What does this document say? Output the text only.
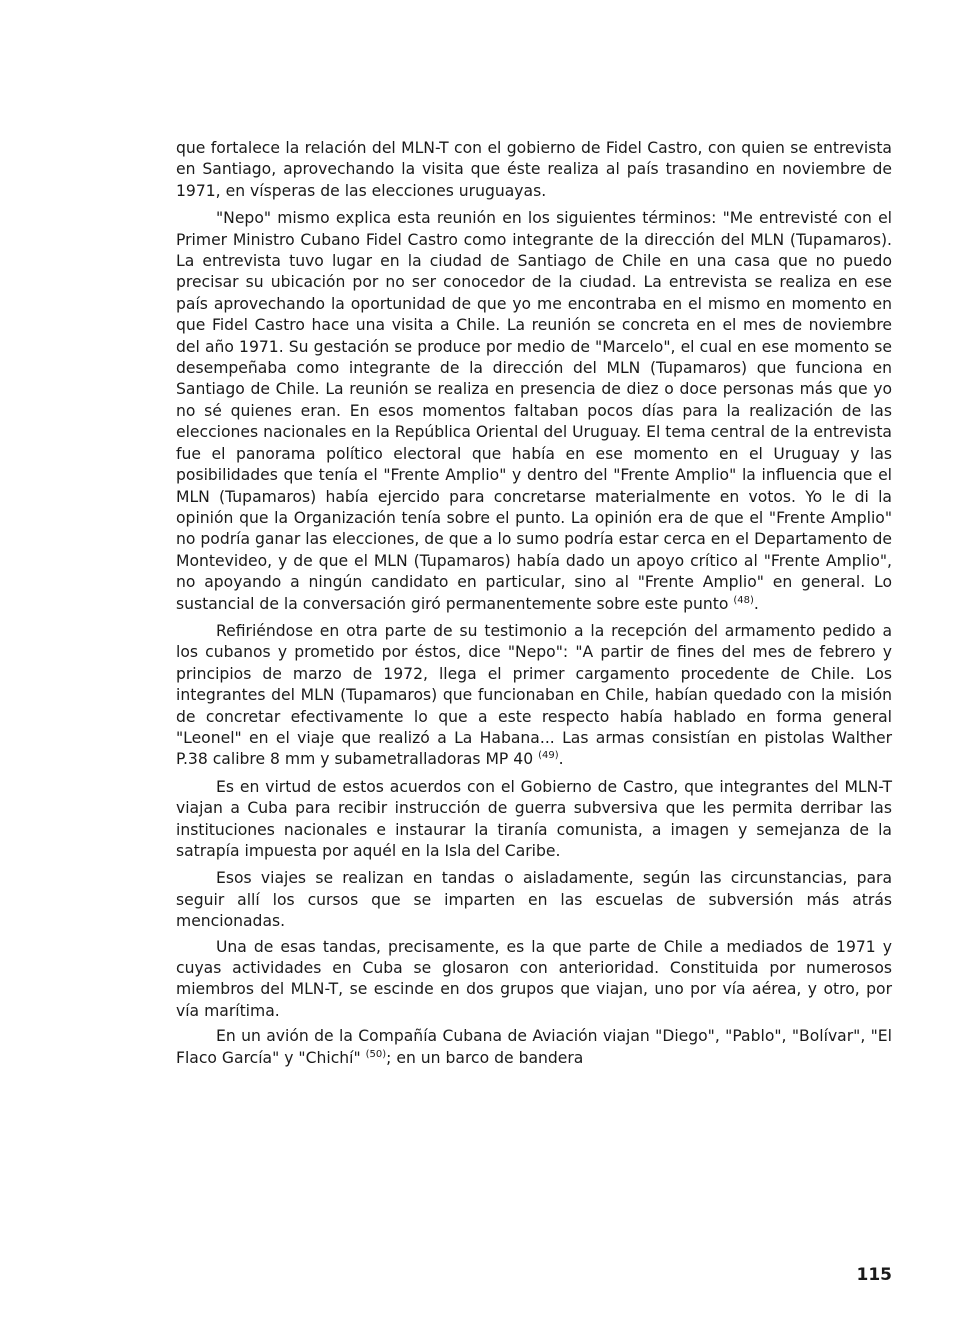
que fortalece la relación del MLN-T con el gobierno de Fidel Castro, con quien se entrevista en Santiago, aprovechando la visita que éste realiza al país trasandino en noviembre de 1971, en vísperas de las elecciones uruguayas.

"Nepo" mismo explica esta reunión en los siguientes términos: "Me entrevisté con el Primer Ministro Cubano Fidel Castro como integrante de la dirección del MLN (Tupamaros). La entrevista tuvo lugar en la ciudad de Santiago de Chile en una casa que no puedo precisar su ubicación por no ser conocedor de la ciudad. La entrevista se realiza en ese país aprovechando la oportunidad de que yo me encontraba en el mismo en momento en que Fidel Castro hace una visita a Chile. La reunión se concreta en el mes de noviembre del año 1971. Su gestación se produce por medio de "Marcelo", el cual en ese momento se desempeñaba como integrante de la dirección del MLN (Tupamaros) que funciona en Santiago de Chile. La reunión se realiza en presencia de diez o doce personas más que yo no sé quienes eran. En esos momentos faltaban pocos días para la realización de las elecciones nacionales en la República Oriental del Uruguay. El tema central de la entrevista fue el panorama político electoral que había en ese momento en el Uruguay y las posibilidades que tenía el "Frente Amplio" y dentro del "Frente Amplio" la influencia que el MLN (Tupamaros) había ejercido para concretarse materialmente en votos. Yo le di la opinión que la Organización tenía sobre el punto. La opinión era de que el "Frente Amplio" no podría ganar las elecciones, de que a lo sumo podría estar cerca en el Departamento de Montevideo, y de que el MLN (Tupamaros) había dado un apoyo crítico al "Frente Amplio", no apoyando a ningún candidato en particular, sino al "Frente Amplio" en general. Lo sustancial de la conversación giró permanentemente sobre este punto $^{(48)}$.

Refiriéndose en otra parte de su testimonio a la recepción del armamento pedido a los cubanos y prometido por éstos, dice "Nepo": "A partir de fines del mes de febrero y principios de marzo de 1972, llega el primer cargamento procedente de Chile. Los integrantes del MLN (Tupamaros) que funcionaban en Chile, habían quedado con la misión de concretar efectivamente lo que a este respecto había hablado en forma general "Leonel" en el viaje que realizó a La Habana... Las armas consistían en pistolas Walther P.38 calibre 8 mm y subametralladoras MP 40 $^{(49)}$.

Es en virtud de estos acuerdos con el Gobierno de Castro, que integrantes del MLN-T viajan a Cuba para recibir instrucción de guerra subversiva que les permita derribar las instituciones nacionales e instaurar la tiranía comunista, a imagen y semejanza de la satrapía impuesta por aquél en la Isla del Caribe.

Esos viajes se realizan en tandas o aisladamente, según las circunstancias, para seguir allí los cursos que se imparten en las escuelas de subversión más atrás mencionadas.

Una de esas tandas, precisamente, es la que parte de Chile a mediados de 1971 y cuyas actividades en Cuba se glosaron con anterioridad. Constituida por numerosos miembros del MLN-T, se escinde en dos grupos que viajan, uno por vía aérea, y otro, por vía marítima.

En un avión de la Compañía Cubana de Aviación viajan "Diego", "Pablo", "Bolívar", "El Flaco García" y "Chichí" $^{(50)}$; en un barco de bandera

115
